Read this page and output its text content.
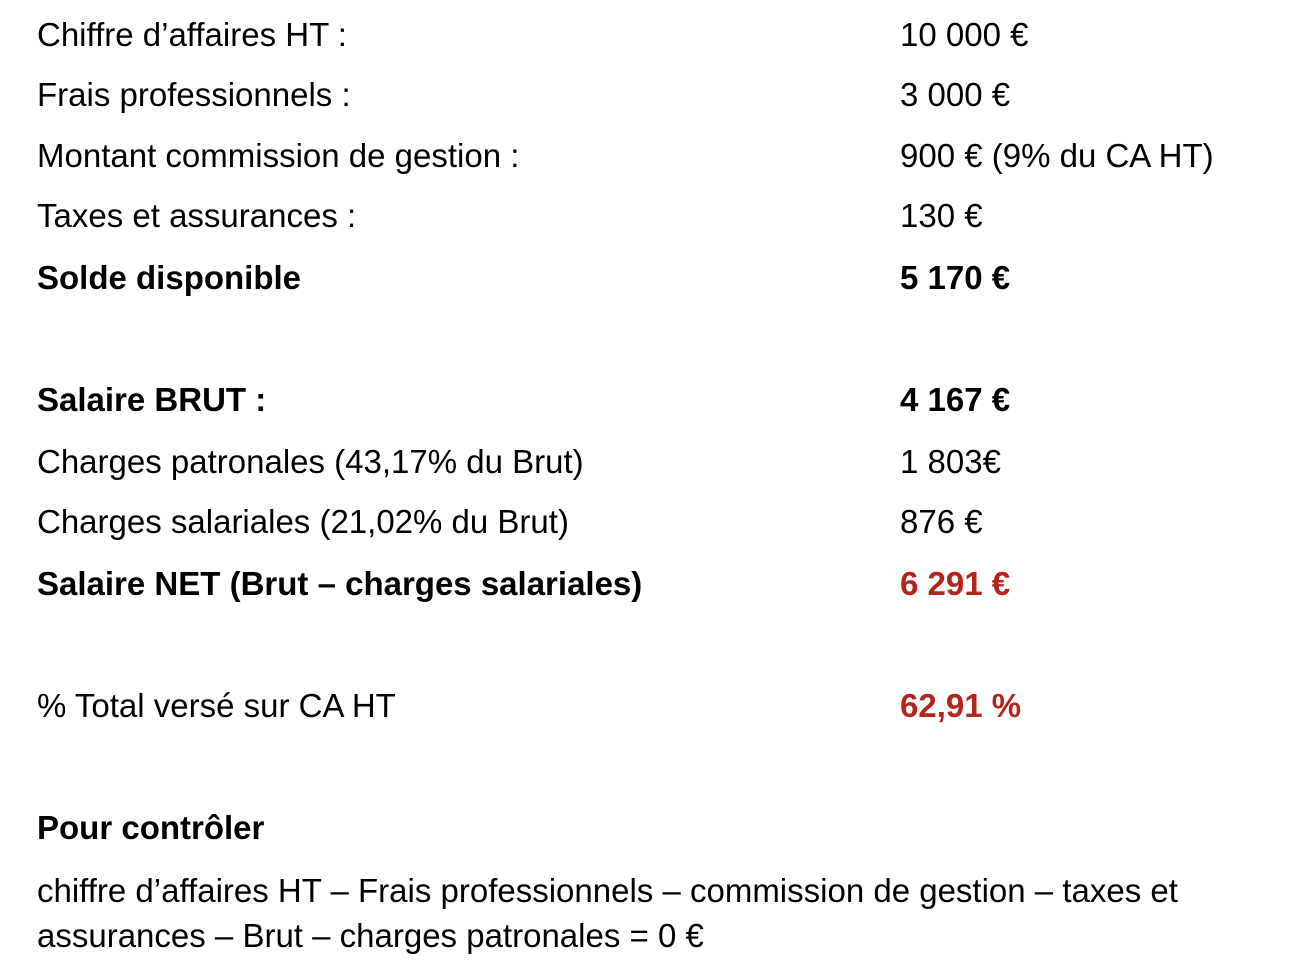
Chiffre d’affaires HT :	10 000 €
Frais professionnels :	3 000 €
Montant commission de gestion :	900 € (9% du CA HT)
Taxes et assurances :	130 €
Solde disponible	5 170 €
Salaire BRUT :	4 167 €
Charges patronales (43,17% du Brut)	1 803€
Charges salariales (21,02% du Brut)	876 €
Salaire NET (Brut – charges salariales)	6 291 €
% Total versé sur CA HT	62,91 %
Pour contrôler
chiffre d’affaires HT – Frais professionnels – commission de gestion – taxes et
assurances – Brut – charges patronales = 0 €
